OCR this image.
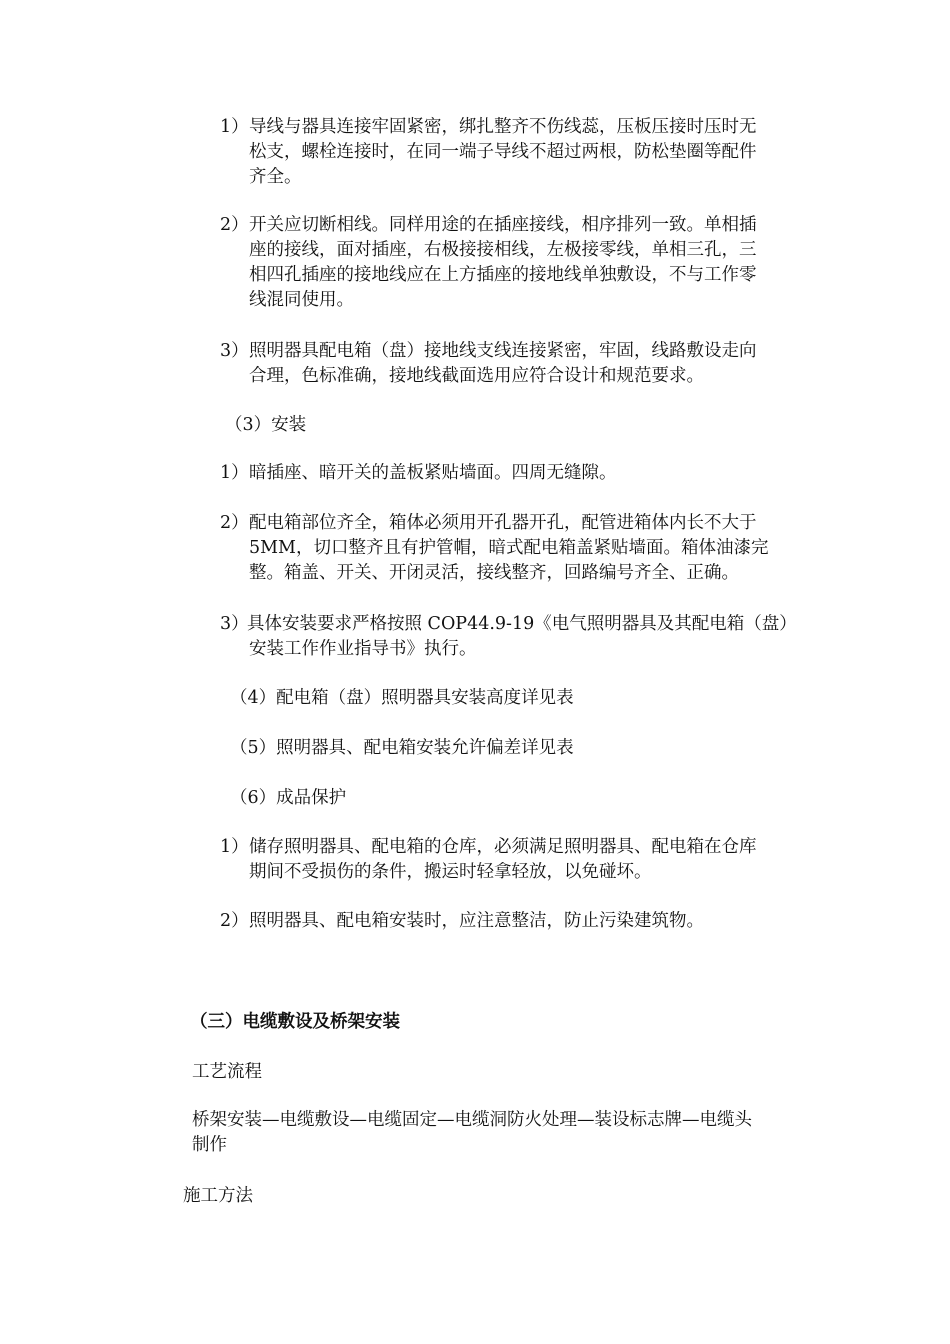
1） 导线与器具连接牢固紧密，绑扎整齐不伤线蕊，压板压接时压时无
松支，螺栓连接时，在同一端子导线不超过两根，防松垫圈等配件
齐全。
2） 开关应切断相线。同样用途的在插座接线，相序排列一致。单相插
座的接线，面对插座，右极接接相线，左极接零线，单相三孔，三
相四孔插座的接地线应在上方插座的接地线单独敷设，不与工作零
线混同使用。
3） 照明器具配电箱（盘）接地线支线连接紧密，牢固，线路敷设走向
合理，色标准确，接地线截面选用应符合设计和规范要求。

（3）安装

1） 暗插座、暗开关的盖板紧贴墙面。四周无缝隙。
2） 配电箱部位齐全，箱体必须用开孔器开孔，配管进箱体内长不大于
5MM，切口整齐且有护管帽，暗式配电箱盖紧贴墙面。箱体油漆完
整。箱盖、开关、开闭灵活，接线整齐，回路编号齐全、正确。
3）
具体安装要求严格按照 COP44.9-19《电气照明器具及其配电箱（盘）
安装工作作业指导书》执行。

（4）配电箱（盘）照明器具安装高度详见表

（5）照明器具、配电箱安装允许偏差详见表

（6）成品保护

1） 储存照明器具、配电箱的仓库，必须满足照明器具、配电箱在仓库
期间不受损伤的条件，搬运时轻拿轻放，以免碰坏。
2） 照明器具、配电箱安装时，应注意整洁，防止污染建筑物。

（三）电缆敷设及桥架安装

工艺流程

桥架安装—电缆敷设—电缆固定—电缆洞防火处理—装设标志牌—电缆头
制作

施工方法
